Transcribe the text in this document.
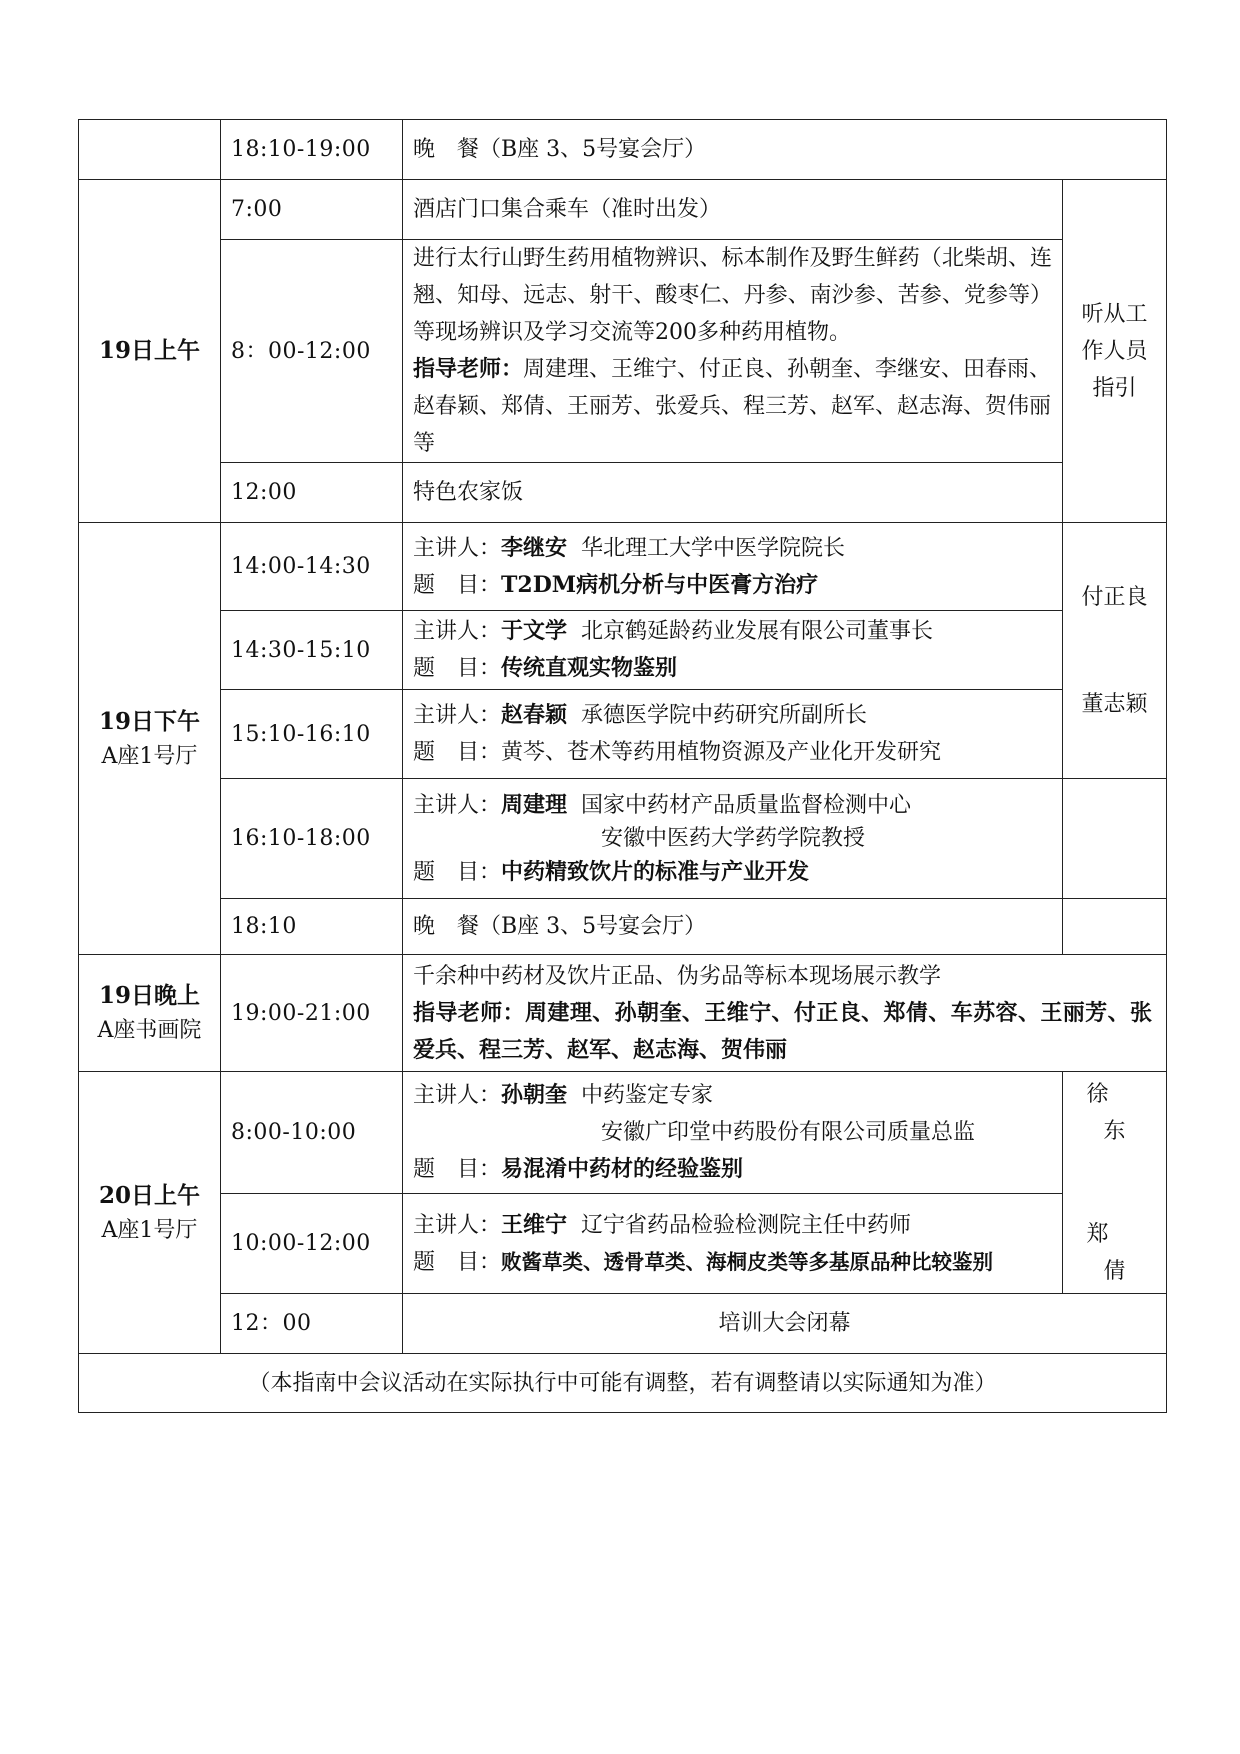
	18:10-19:00	晚　餐（B座 3、5号宴会厅）	

19日上午	7:00	酒店门口集合乘车（准时出发）	听从工
作人员
指引

	8：00-12:00	进行太行山野生药用植物辨识、标本制作及野生鲜药（北柴胡、连翘、知母、远志、射干、酸枣仁、丹参、南沙参、苦参、党参等）等现场辨识及学习交流等200多种药用植物。
指导老师：周建理、王维宁、付正良、孙朝奎、李继安、田春雨、赵春颖、郑倩、王丽芳、张爱兵、程三芳、赵军、赵志海、贺伟丽等	

	12:00	特色农家饭	

19日下午
A座1号厅	14:00-14:30	主讲人：李继安 华北理工大学中医学院院长
题　目：T2DM病机分析与中医膏方治疗	付正良
董志颖

	14:30-15:10	主讲人：于文学 北京鹤延龄药业发展有限公司董事长
题　目：传统直观实物鉴别	

	15:10-16:10	主讲人：赵春颖 承德医学院中药研究所副所长
题　目：黄芩、苍术等药用植物资源及产业化开发研究	

	16:10-18:00	主讲人：周建理 国家中药材产品质量监督检测中心
安徽中医药大学药学院教授
题　目：中药精致饮片的标准与产业开发	

	18:10	晚　餐（B座 3、5号宴会厅）	

19日晚上
A座书画院	19:00-21:00	千余种中药材及饮片正品、伪劣品等标本现场展示教学
指导老师：周建理、孙朝奎、王维宁、付正良、郑倩、车苏容、王丽芳、张爱兵、程三芳、赵军、赵志海、贺伟丽	

20日上午
A座1号厅	8:00-10:00	主讲人：孙朝奎 中药鉴定专家
安徽广印堂中药股份有限公司质量总监
题　目：易混淆中药材的经验鉴别	徐东
郑倩

	10:00-12:00	主讲人：王维宁 辽宁省药品检验检测院主任中药师
题　目：败酱草类、透骨草类、海桐皮类等多基原品种比较鉴别	

	12：00	培训大会闭幕	
（本指南中会议活动在实际执行中可能有调整，若有调整请以实际通知为准）			
